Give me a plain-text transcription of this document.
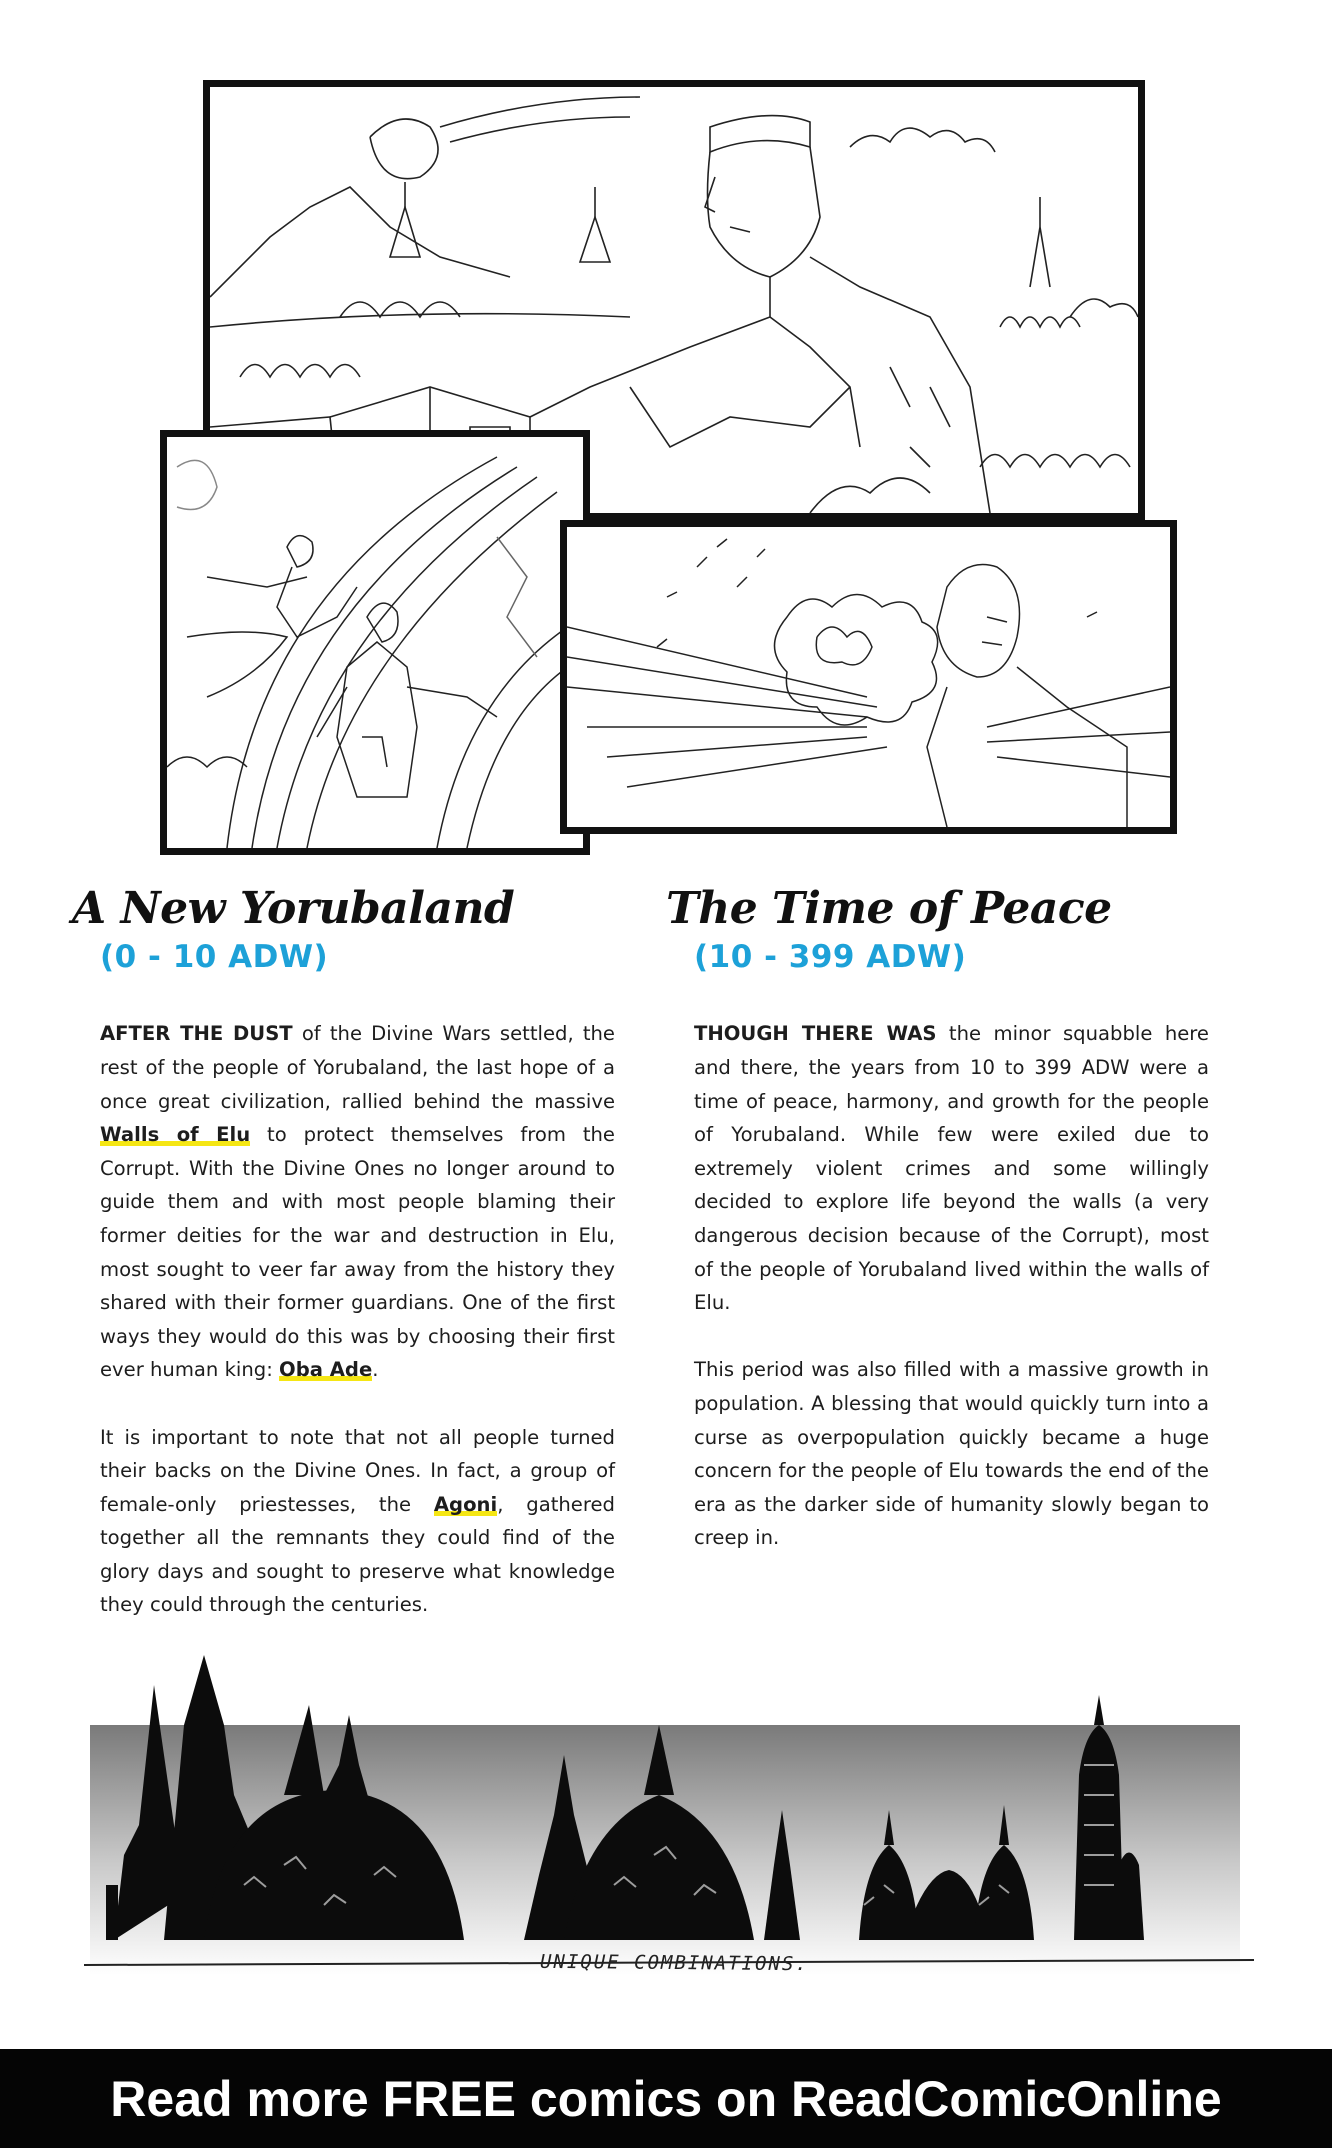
A New Yorubaland
(0 - 10 ADW)

AFTER THE DUST of the Divine Wars settled, the rest of the people of Yorubaland, the last hope of a once great civilization, rallied behind the massive Walls of Elu to protect themselves from the Corrupt. With the Divine Ones no longer around to guide them and with most people blaming their former deities for the war and destruction in Elu, most sought to veer far away from the history they shared with their former guardians. One of the first ways they would do this was by choosing their first ever human king: Oba Ade.

It is important to note that not all people turned their backs on the Divine Ones. In fact, a group of female-only priestesses, the Agoni, gathered together all the remnants they could find of the glory days and sought to preserve what knowledge they could through the centuries.

The Time of Peace
(10 - 399 ADW)

THOUGH THERE WAS the minor squabble here and there, the years from 10 to 399 ADW were a time of peace, harmony, and growth for the people of Yorubaland. While few were exiled due to extremely violent crimes and some willingly decided to explore life beyond the walls (a very dangerous decision because of the Corrupt), most of the people of Yorubaland lived within the walls of Elu.

This period was also filled with a massive growth in population. A blessing that would quickly turn into a curse as overpopulation quickly became a huge concern for the people of Elu towards the end of the era as the darker side of humanity slowly began to creep in.

UNIQUE COMBINATIONS.
Read more FREE comics on ReadComicOnline
